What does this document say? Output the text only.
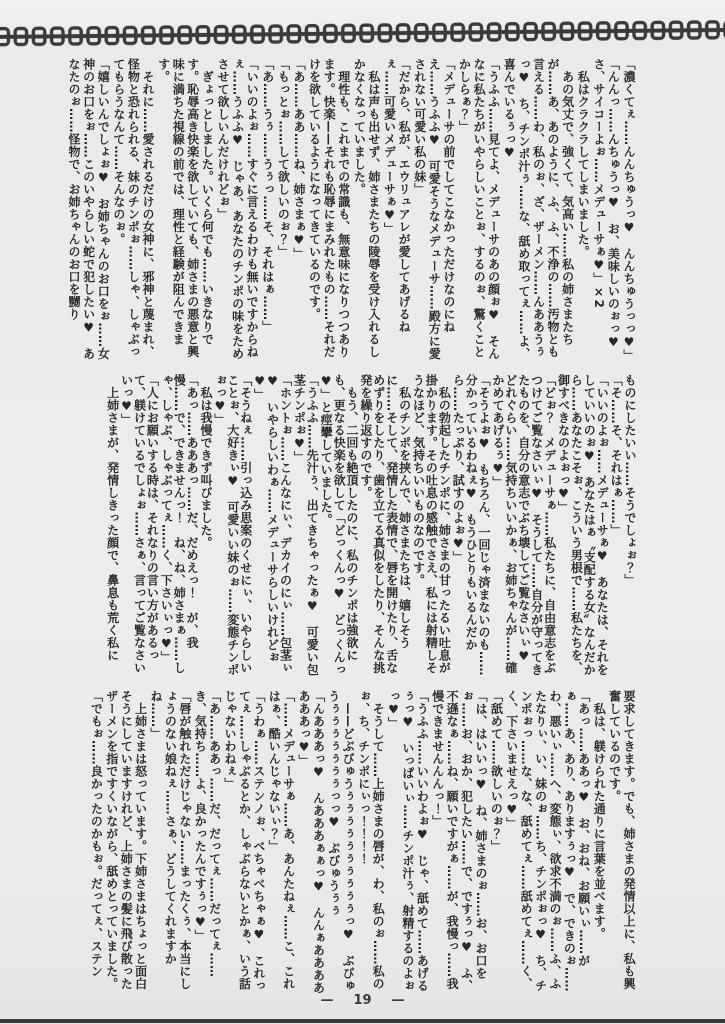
「濃くてぇ……んんちゅうっ♥　んんちゅうっっ♥」

「んんっ……んちゅうっ♥　お、美味しいのぉっ♥　さ、サイコーよぉ……メデューサぁ♥」×2

　私はクラクラしてしまいました。

　あの気丈で、強くて、気高い……私の姉さまたちが……あ、あのように、ふ、ふ、不浄の……汚物とも言える……わ、私のぉ、ざ、ザーメン……んああうぅっ♥　ち、チンポ汁ぅ……な、舐め取ってぇ……よ、喜んでいるぅっ♥

「うふふ……見てよ、メデューサのあの顔ぉ♥　そんなに私たちがいやらしいことぉ、するのぉ、驚くことかしらぁ？」

「メデューサの前でしてこなかっただけなのにねえ……うふふ♥　可愛そうなメデューサ……殿方に愛されない可愛い私の妹」

「だから、私が、エウリュアレが愛してあげるねぇ……可愛いメデューサぁ♥」

　私は声も出せず、姉さまたちの陵辱を受け入れるしかなくなっていました。

　理性も、これまでの常識も、無意味になりつつあります。快楽——それも恥辱にまみれたもの……それだけを欲しているようになってきているのです。

「あ……ああ……ね、姉さまぁ♥」

「もっとぉ……して欲しいのぉ？」

「あ……うぅ……うぅっ……そ、それはぁ……」

「いいのよぉ……すぐに言えるわけも無いですからねぇ……うふふ♥　じゃあ、あなたのチンポの味をためさせて欲しいんだけれどぉ」

　ぎょっとしました。いくら何でも……いきなりです。恥辱高き快楽を欲していても、姉さまの悪意と興味に満ちた視線の前では、理性と経験が阻んできます。

　それに……愛されるだけの女神に、邪神と蔑まれ、怪物と恐れられる、妹のチンポぉ……しゃ、しゃぶってもらうなんて……そんなのぉ。

「嬉しいんでしょぉ♥　お姉ちゃんのお口をぉ……女神のお口をぉ……このいやらしい蛇で犯したい♥　あなたのぉ……怪物で、お姉ちゃんのお口を嬲り

ものにしたいい……そうでしょぉ？」

「そ……そ、それはぁ……」

「いいのよぉ……メデューサぁ♥　あなたは、それをしていいのぉ♥　あなたはぁ〝支配する女〟なんだから……あなたこそぉ、こういう男根で……私たちを、御すべきなのよぉっ♥」

「どぉ？　メデューサぁ……私たちに、自由意志をぶつけてご覧なさいぃ♥　そうして……自分が守ってきたものを、自分の意志でぶち壊してご覧なさいぃ♥　どれぐらい……気持ちいいかぁ、お姉ちゃんが……確かめてあげるぅ♥」

「そうよぉ♥　もちろん、一回じゃ済まないのも……分かっているわねぇ♥　もうひとりもいるんだから……たっぷり、試すのよぉ♥」

　私の勃起したチンポに、姉さまの甘ったるい吐息が掛かります。その吐息の感触でさえ、私には射精しそうなほど、気持ちいいものなのです。

　私のチンポを挟んで、姉さまたちは、嬉しそうに……そして、発情した表情で、唇を開けたり、舌なめずりをしたり、歯を立てる真似をしたり、そんな挑発を繰り返すのです。

　もう、二回も絶頂したのに、私のチンポは強欲にも、更なる快楽を欲して「どっくんっ♥　どっくんっ♥」と痙攣していました。

「うふふ……先汁ぅ、出てきちゃったぁ♥　可愛い包茎チンポぉ♥」

「ホントぉ……こんなにぃ、デカイのにぃ……包茎ぃ♥　いやらしいわぁ……メデューサらしいけれどぉ♥」

「そうねぇ……引っ込み思案のくせにぃ、いやらしいことぉ、大好きぃ♥　可愛いい妹のぉ……変態チンポぉっ♥」

　私は我慢できず叫びました。

「あっ……あああっ……だ、だめえっ！　が、我慢……で、できませんっ！　ね、ね、姉さまぁ……しゃ、しゃぶ、しゃぶってぇ……く、下さいぃっ♥」

「人にお願いする時は、それなりの言い方があるって、躾けているでしょぉ……さぁ、言ってご覧なさいいっ♥」

　上姉さまが、発情しきった顔で、鼻息も荒く私に

要求してきます。でも、姉さまの発情以上に、私も興奮しているのです。

　私は、躾けられた通りに言葉を並べます。

「あっ……ああっ♥　お、おね、お願いぃ……がぁ……あ、あり、ありますぅっ♥　で、できのぉ……わ、悪いぃ……へ、変態ぃ、欲求不満のぉ……ふ、ふたなりぃ、い、妹のぉ……ち、チンポぉっ♥　ち、チンポぉっ……な、な、舐めてぇ……舐めてぇ……く、く、下さいませえっ♥」

「舐めて……欲しいのぉ？」

「は、はいいっ♥　ね、姉さまのぉ……お、お口をぉ……お、おか、犯したい……で、ですぅっ♥　ふ、不遜なぁ……ね、願いですがぁ……が、我慢っ……我慢できませんんんっ！」

「うふふ……いいわよぉ♥　じゃ、舐めて……あげるぅっ♥　いっぱいぃ……チンポ汁ぅ、射精するのよぉっ♥」

　そうして……上姉さまの唇が、わ、私のぉ……私のぉ、ち、チンポにぃっ！！！！

　——どぶびゅうぅぅぅぅぅぅぅぅぅぅっ♥　ぶびゅうぅぅぅぅぅぅぅっっ♥　ぶびゅうぅぅ

「んあああっ♥　んあああぁぁっ♥　んんぁあああああああっ♥」

「……メデューサぁ……あ、あんたねぇ……こ、これはぁ、酷いんじゃないぃ？」

「うわぁ……ステンノぉ、べちゃべちゃぁ♥　これってぇ……しゃぶるとか、しゃぶらないとかぁ、いう話じゃないわねぇ」

「あ……ああっ……だ、だってぇ……だってぇ……き、気持ち……よ、良かったんですぅっ♥」

「唇が触れただけじゃない……まったくぅ、本当にしょうのない娘ねぇ……さぁ、どうしてくれますかね……」

　上姉さまは怒っています。下姉さまはちょっと面白そうにしていますけれど、上姉さまの髪に飛び散ったザーメンを指ですくいながら、舐めとっていました。

「でもぉ……良かったのかもぉ。だってぇ、ステン

— 19 —
